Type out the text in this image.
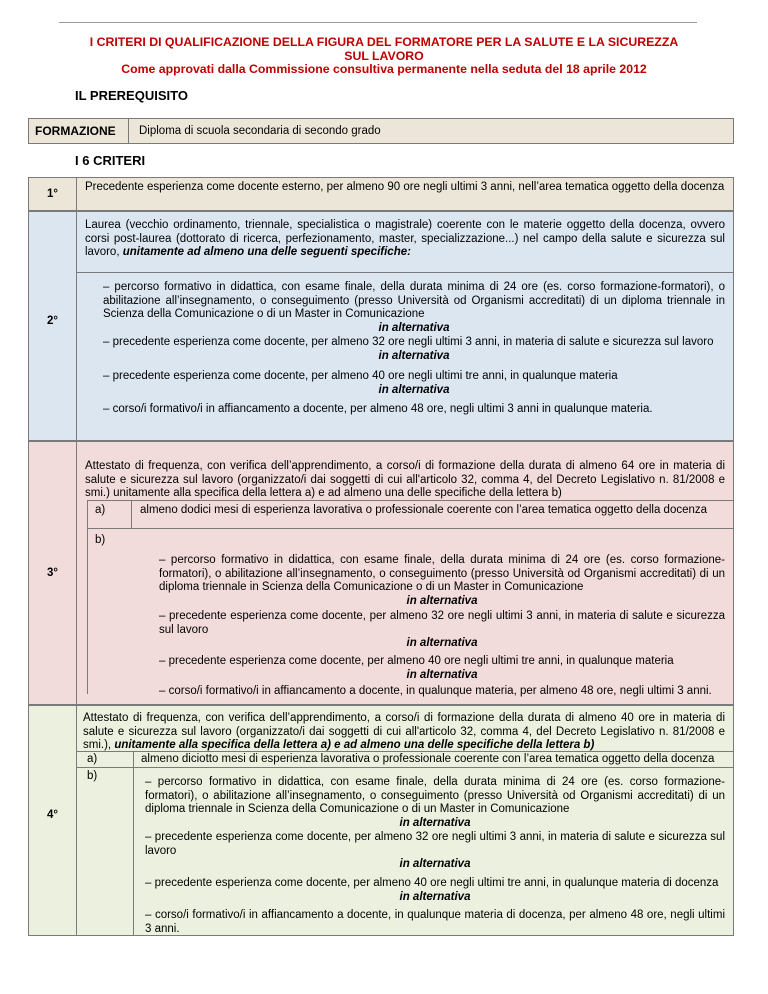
I CRITERI DI QUALIFICAZIONE DELLA FIGURA DEL FORMATORE PER LA SALUTE E LA SICUREZZA
SUL LAVORO
Come approvati dalla Commissione consultiva permanente nella seduta del 18 aprile 2012
IL PREREQUISITO
FORMAZIONE	Diploma di scuola secondaria di secondo grado
I 6 CRITERI
1°
Precedente esperienza come docente esterno, per almeno 90 ore negli ultimi 3 anni, nell’area tematica oggetto della docenza
2°
Laurea (vecchio ordinamento, triennale, specialistica o magistrale) coerente con le materie oggetto della docenza, ovvero corsi post-laurea (dottorato di ricerca, perfezionamento, master, specializzazione...) nel campo della salute e sicurezza sul lavoro, unitamente ad almeno una delle seguenti specifiche:
– percorso formativo in didattica, con esame finale, della durata minima di 24 ore (es. corso formazione-formatori), o abilitazione all’insegnamento, o conseguimento (presso Università od Organismi accreditati) di un diploma triennale in Scienza della Comunicazione o di un Master in Comunicazione
in alternativa
– precedente esperienza come docente, per almeno 32 ore negli ultimi 3 anni, in materia di salute e sicurezza sul lavoro
in alternativa
– precedente esperienza come docente, per almeno 40 ore negli ultimi tre anni, in qualunque materia
in alternativa
– corso/i formativo/i in affiancamento a docente, per almeno 48 ore, negli ultimi 3 anni in qualunque materia.
3°
Attestato di frequenza, con verifica dell’apprendimento, a corso/i di formazione della durata di almeno 64 ore in materia di salute e sicurezza sul lavoro (organizzato/i dai soggetti di cui all'articolo 32, comma 4, del Decreto Legislativo n. 81/2008 e smi.) unitamente alla specifica della lettera a) e ad almeno una delle specifiche della lettera b)
a)	almeno dodici mesi di esperienza lavorativa o professionale coerente con l’area tematica oggetto della docenza
b)
– percorso formativo in didattica, con esame finale, della durata minima di 24 ore (es. corso formazione-formatori), o abilitazione all’insegnamento, o conseguimento (presso Università od Organismi accreditati) di un diploma triennale in Scienza della Comunicazione o di un Master in Comunicazione
in alternativa
– precedente esperienza come docente, per almeno 32 ore negli ultimi 3 anni, in materia di salute e sicurezza sul lavoro
in alternativa
– precedente esperienza come docente, per almeno 40 ore negli ultimi tre anni, in qualunque materia
in alternativa
– corso/i formativo/i in affiancamento a docente, in qualunque materia, per almeno 48 ore, negli ultimi 3 anni.
4°
Attestato di frequenza, con verifica dell’apprendimento, a corso/i di formazione della durata di almeno 40 ore in materia di salute e sicurezza sul lavoro (organizzato/i dai soggetti di cui all'articolo 32, comma 4, del Decreto Legislativo n. 81/2008 e smi.), unitamente alla specifica della lettera a) e ad almeno una delle specifiche della lettera b)
a)	almeno diciotto mesi di esperienza lavorativa o professionale coerente con l’area tematica oggetto della docenza
b)	– percorso formativo in didattica, con esame finale, della durata minima di 24 ore (es. corso formazione-formatori), o abilitazione all’insegnamento, o conseguimento (presso Università od Organismi accreditati) di un diploma triennale in Scienza della Comunicazione o di un Master in Comunicazione
in alternativa
– precedente esperienza come docente, per almeno 32 ore negli ultimi 3 anni, in materia di salute e sicurezza sul lavoro
in alternativa
– precedente esperienza come docente, per almeno 40 ore negli ultimi tre anni, in qualunque materia di docenza
in alternativa
– corso/i formativo/i in affiancamento a docente, in qualunque materia di docenza, per almeno 48 ore, negli ultimi 3 anni.
